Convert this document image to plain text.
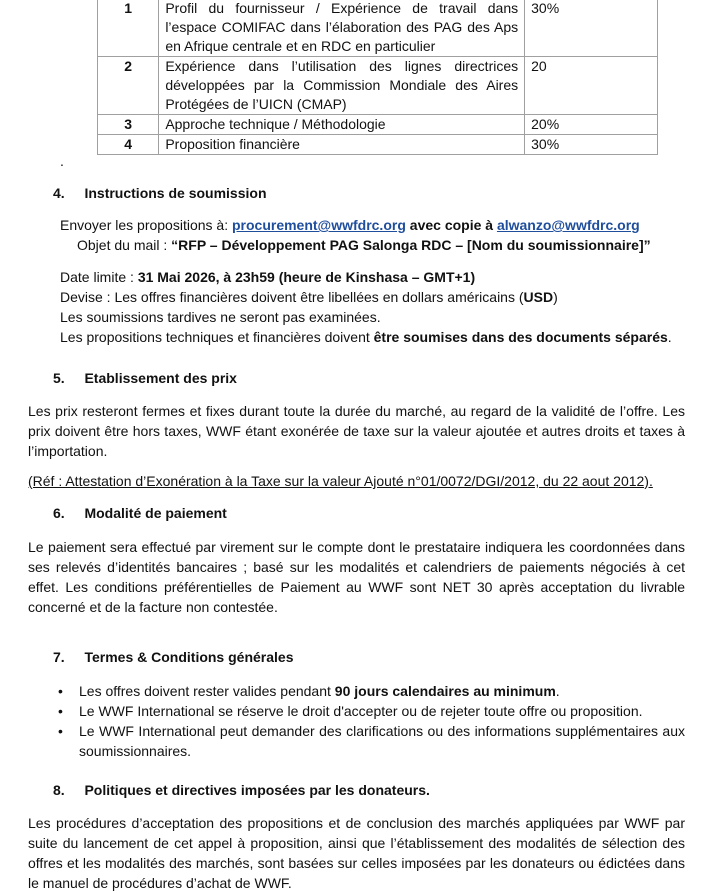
1	Profil du fournisseur / Expérience de travail dans l’espace COMIFAC dans l’élaboration des PAG des Aps en Afrique centrale et en RDC en particulier	30%
2	Expérience dans l’utilisation des lignes directrices développées par la Commission Mondiale des Aires Protégées de l’UICN (CMAP)	20
3	Approche technique / Méthodologie	20%
4	Proposition financière	30%
.
4. Instructions de soumission
Envoyer les propositions à: procurement@wwfdrc.org avec copie à alwanzo@wwfdrc.org
Objet du mail : “RFP – Développement PAG Salonga RDC – [Nom du soumissionnaire]”
Date limite : 31 Mai 2026, à 23h59 (heure de Kinshasa – GMT+1)
Devise : Les offres financières doivent être libellées en dollars américains (USD)
Les soumissions tardives ne seront pas examinées.
Les propositions techniques et financières doivent être soumises dans des documents séparés.
5. Etablissement des prix
Les prix resteront fermes et fixes durant toute la durée du marché, au regard de la validité de l’offre. Les prix doivent être hors taxes, WWF étant exonérée de taxe sur la valeur ajoutée et autres droits et taxes à l’importation.
(Réf : Attestation d’Exonération à la Taxe sur la valeur Ajouté n°01/0072/DGI/2012, du 22 aout 2012).
6. Modalité de paiement
Le paiement sera effectué par virement sur le compte dont le prestataire indiquera les coordonnées dans ses relevés d’identités bancaires ; basé sur les modalités et calendriers de paiements négociés à cet effet. Les conditions préférentielles de Paiement au WWF sont NET 30 après acceptation du livrable concerné et de la facture non contestée.
7. Termes & Conditions générales
• Les offres doivent rester valides pendant 90 jours calendaires au minimum.
• Le WWF International se réserve le droit d'accepter ou de rejeter toute offre ou proposition.
• Le WWF International peut demander des clarifications ou des informations supplémentaires aux soumissionnaires.
8. Politiques et directives imposées par les donateurs.
Les procédures d’acceptation des propositions et de conclusion des marchés appliquées par WWF par suite du lancement de cet appel à proposition, ainsi que l’établissement des modalités de sélection des offres et les modalités des marchés, sont basées sur celles imposées par les donateurs ou édictées dans le manuel de procédures d’achat de WWF.
